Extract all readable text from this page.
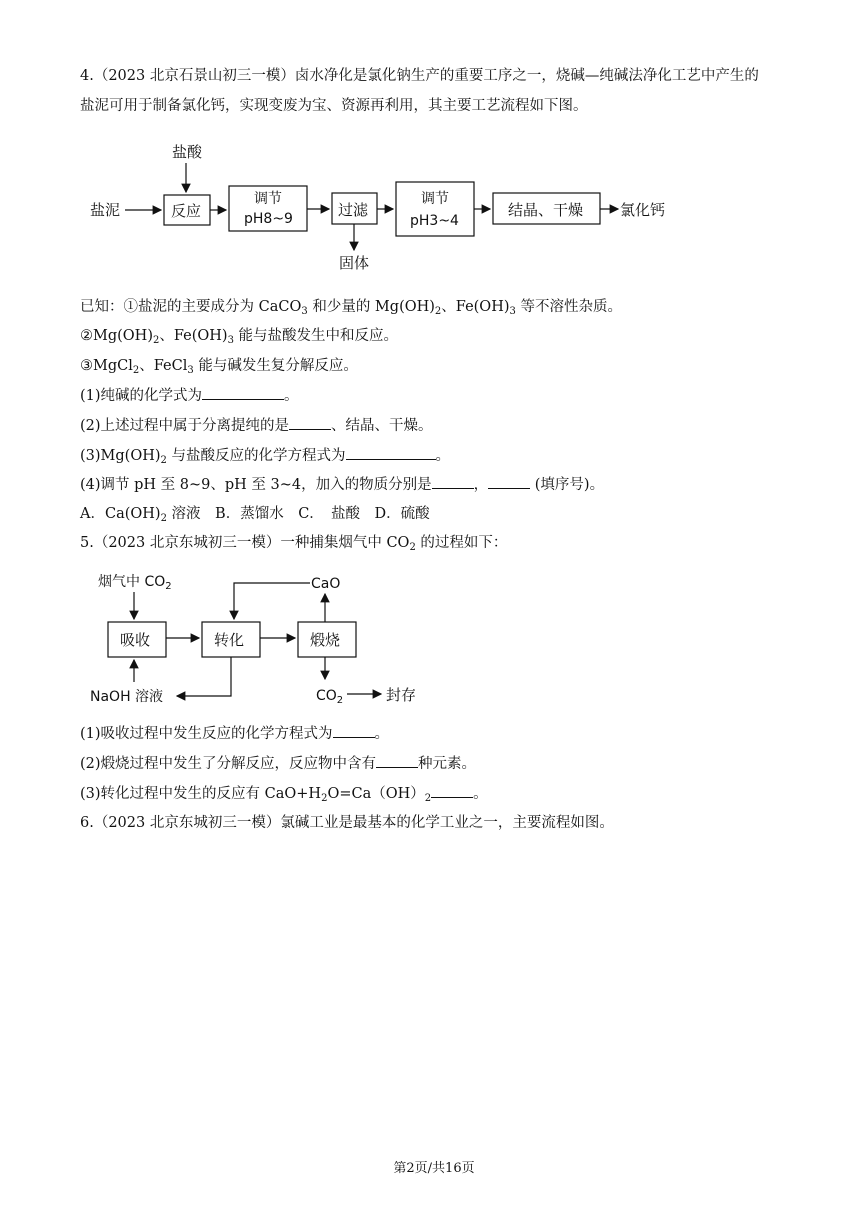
4.（2023 北京石景山初三一模）卤水净化是氯化钠生产的重要工序之一，烧碱—纯碱法净化工艺中产生的
盐泥可用于制备氯化钙，实现变废为宝、资源再利用，其主要工艺流程如下图。
盐酸
盐泥	反应
调节
pH8~9	过滤
固体
调节
pH3~4
结晶、干燥 氯化钙
已知：①盐泥的主要成分为 CaCO$_3$ 和少量的 $Mg(OH)_2$、$Fe(OH)_3$ 等不溶性杂质。
$②Mg(OH)_2$、$Fe(OH)_3$ 能与盐酸发生中和反应。
③MgCl$_2$、FeCl$_3$ 能与碱发生复分解反应。
(1)纯碱的化学式为	。
(2)上述过程中属于分离提纯的是	、结晶、干燥。
$(3)Mg(OH)_2$ 与盐酸反应的化学方程式为	。
(4)调节 pH 至 8~9、pH 至 3~4，加入的物质分别是	，	(填序号)。
A．$Ca(OH)_2$ 溶液　B．蒸馏水　C．　盐酸　D．硫酸
5.（2023 北京东城初三一模）一种捕集烟气中 $CO_2$ 的过程如下：
烟气中 $CO_2$
吸收	转化	煅烧
CaO
NaOH 溶液	$CO_2$	封存
(1)吸收过程中发生反应的化学方程式为	。
(2)煅烧过程中发生了分解反应，反应物中含有	种元素。
(3)转化过程中发生的反应有 $CaO+H_2O=Ca(OH)_2$	。
6.（2023 北京东城初三一模）氯碱工业是最基本的化学工业之一，主要流程如图。
第2页/共16页
